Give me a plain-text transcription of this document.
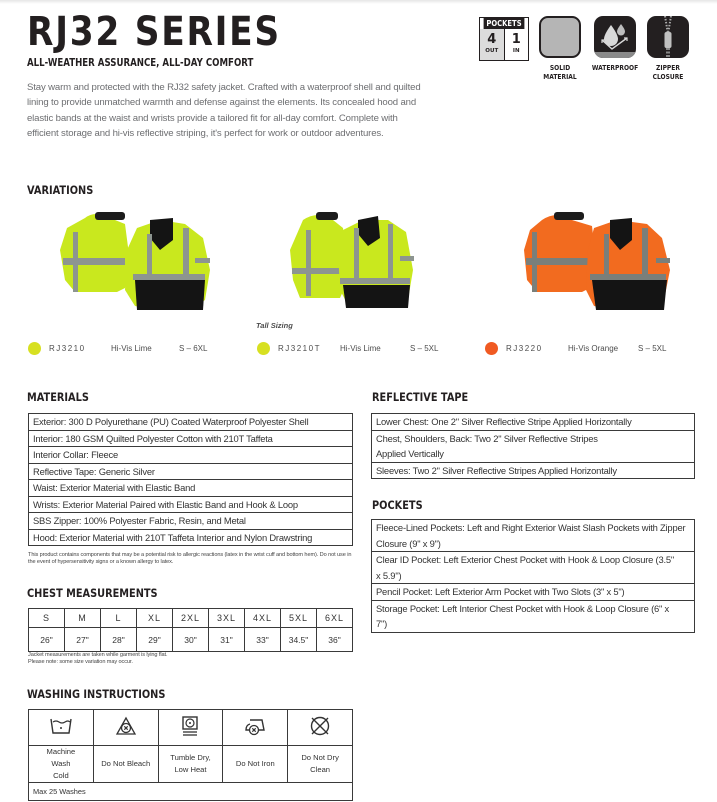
RJ32 SERIES
ALL-WEATHER ASSURANCE, ALL-DAY COMFORT

Stay warm and protected with the RJ32 safety jacket. Crafted with a waterproof shell and quilted lining to provide unmatched warmth and defense against the elements. Its concealed hood and elastic bands at the waist and wrists provide a tailored fit for all-day comfort. Complete with efficient storage and hi-vis reflective striping, it's perfect for work or outdoor adventures.

POCKETS
4
OUT
1
IN
SOLID
MATERIAL
WATERPROOF	ZIPPER
CLOSURE
VARIATIONS
Tall Sizing
RJ3210	Hi-Vis Lime	S – 6XL	RJ3210T	Hi-Vis Lime	S – 5XL	RJ3220	Hi-Vis Orange	S – 5XL
MATERIALS
Exterior: 300 D Polyurethane (PU) Coated Waterproof Polyester Shell
Interior: 180 GSM Quilted Polyester Cotton with 210T Taffeta
Interior Collar: Fleece
Reflective Tape: Generic Silver
Waist: Exterior Material with Elastic Band
Wrists: Exterior Material Paired with Elastic Band and Hook & Loop
SBS Zipper: 100% Polyester Fabric, Resin, and Metal
Hood: Exterior Material with 210T Taffeta Interior and Nylon Drawstring
This product contains components that may be a potential risk to allergic reactions (latex in the wrist cuff and bottom hem). Do not use in the event of hypersensitivity signs or a known allergy to latex.
REFLECTIVE TAPE
Lower Chest: One 2" Silver Reflective Stripe Applied Horizontally
Chest, Shoulders, Back: Two 2" Silver Reflective Stripes Applied Vertically
Sleeves: Two 2" Silver Reflective Stripes Applied Horizontally
POCKETS
Fleece-Lined Pockets: Left and Right Exterior Waist Slash Pockets with Zipper Closure (9" x 9")
Clear ID Pocket: Left Exterior Chest Pocket with Hook & Loop Closure (3.5" x 5.9")
Pencil Pocket: Left Exterior Arm Pocket with Two Slots (3" x 5")
Storage Pocket: Left Interior Chest Pocket with Hook & Loop Closure (6" x 7")
CHEST MEASUREMENTS
S	M	L	XL	2XL	3XL	4XL	5XL	6XL
26"	27"	28"	29"	30"	31"	33"	34.5"	36"
Jacket measurements are taken while garment is lying flat.
Please note: some size variation may occur.
WASHING INSTRUCTIONS

Machine Wash Cold	Do Not Bleach	Tumble Dry, Low Heat	Do Not Iron	Do Not Dry Clean
Max 25 Washes				
